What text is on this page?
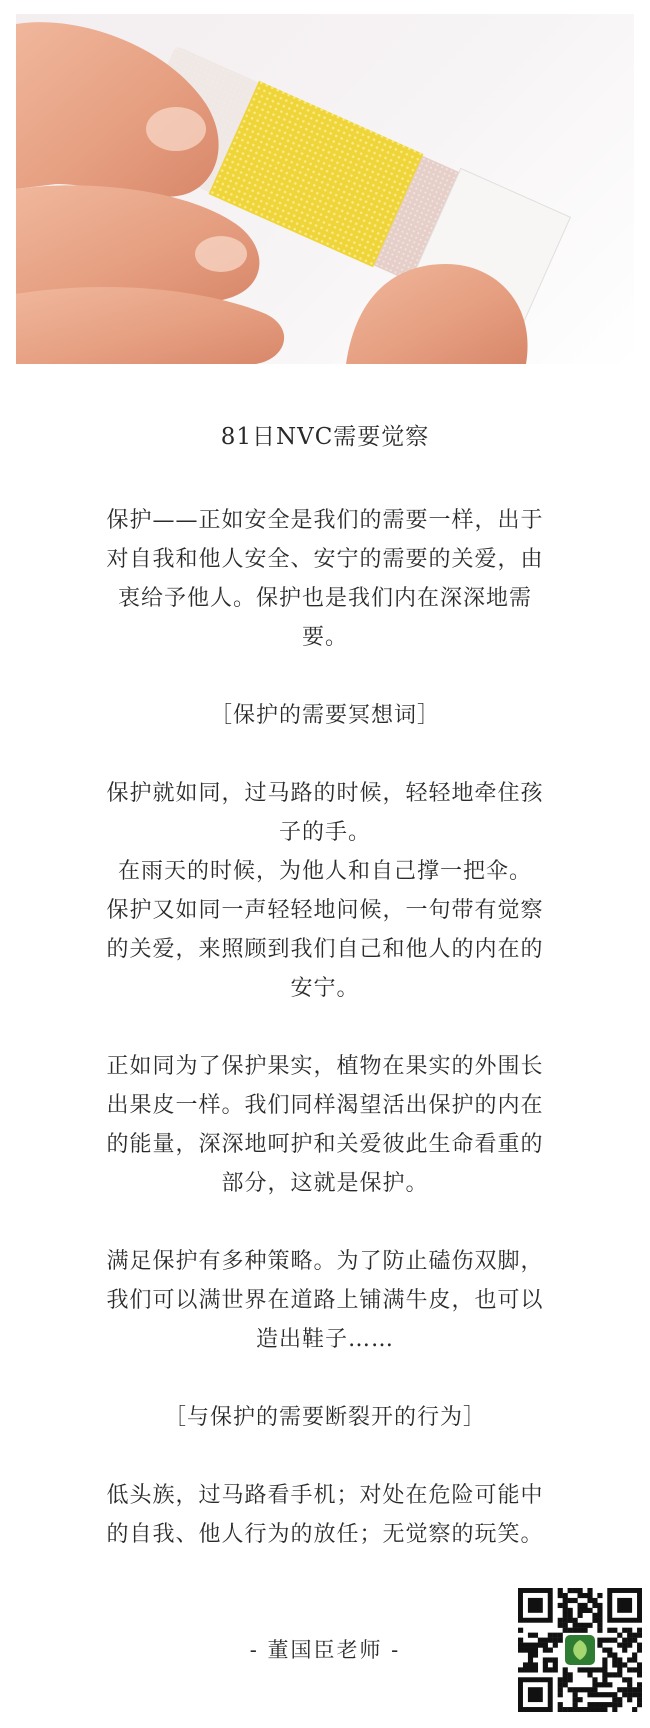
81日NVC需要觉察
保护——正如安全是我们的需要一样，出于
对自我和他人安全、安宁的需要的关爱，由
衷给予他人。保护也是我们内在深深地需
要。
［保护的需要冥想词］
保护就如同，过马路的时候，轻轻地牵住孩
子的手。
在雨天的时候，为他人和自己撑一把伞。
保护又如同一声轻轻地问候，一句带有觉察
的关爱，来照顾到我们自己和他人的内在的
安宁。
正如同为了保护果实，植物在果实的外围长
出果皮一样。我们同样渴望活出保护的内在
的能量，深深地呵护和关爱彼此生命看重的
部分，这就是保护。
满足保护有多种策略。为了防止磕伤双脚，
我们可以满世界在道路上铺满牛皮，也可以
造出鞋子……
［与保护的需要断裂开的行为］
低头族，过马路看手机；对处在危险可能中
的自我、他人行为的放任；无觉察的玩笑。
- 董国臣老师 -
